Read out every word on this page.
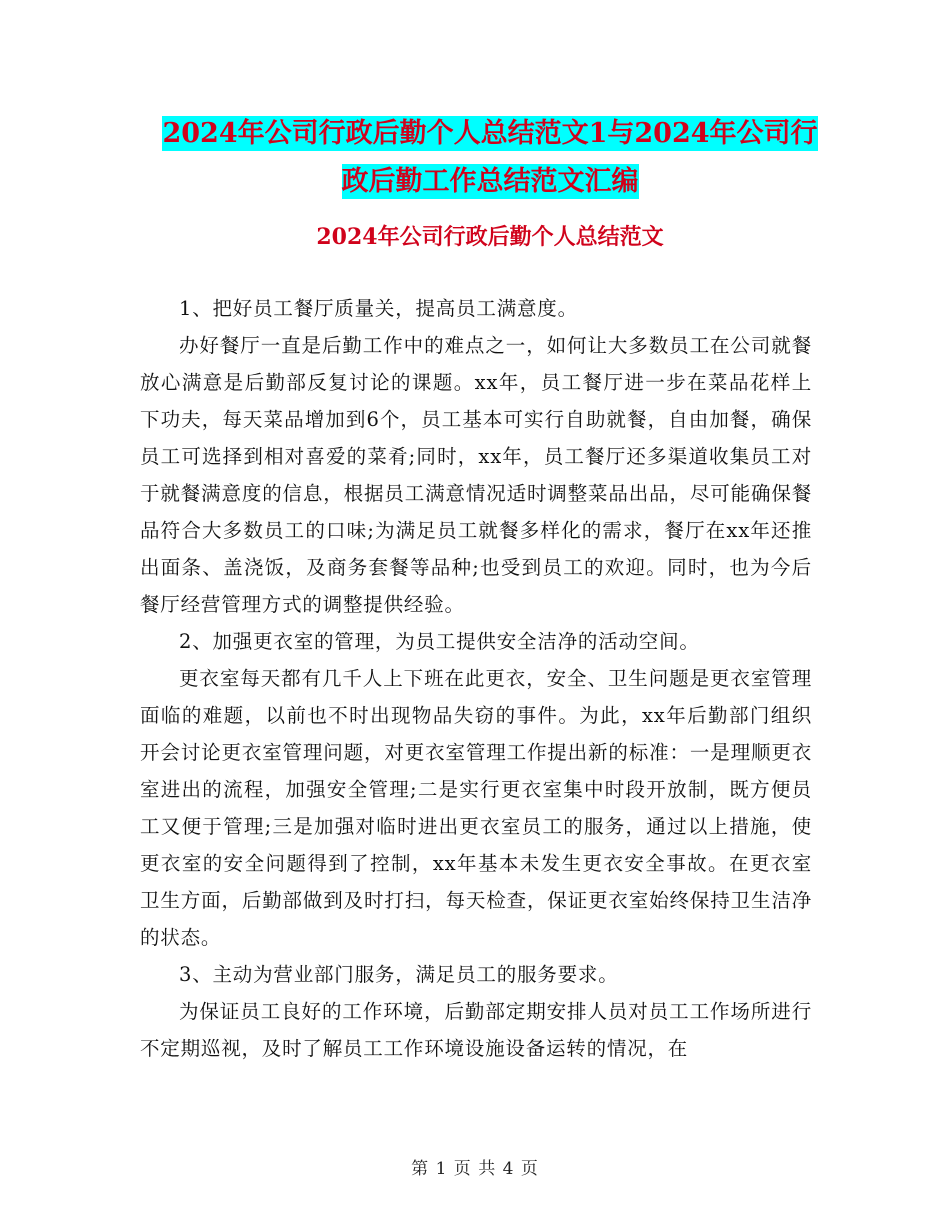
2024年公司行政后勤个人总结范文1与2024年公司行
政后勤工作总结范文汇编
2024年公司行政后勤个人总结范文

1、把好员工餐厅质量关，提高员工满意度。

办好餐厅一直是后勤工作中的难点之一，如何让大多数员工在公司就餐放心满意是后勤部反复讨论的课题。xx年，员工餐厅进一步在菜品花样上下功夫，每天菜品增加到6个，员工基本可实行自助就餐，自由加餐，确保员工可选择到相对喜爱的菜肴;同时，xx年，员工餐厅还多渠道收集员工对于就餐满意度的信息，根据员工满意情况适时调整菜品出品，尽可能确保餐品符合大多数员工的口味;为满足员工就餐多样化的需求，餐厅在xx年还推出面条、盖浇饭，及商务套餐等品种;也受到员工的欢迎。同时，也为今后餐厅经营管理方式的调整提供经验。

2、加强更衣室的管理，为员工提供安全洁净的活动空间。

更衣室每天都有几千人上下班在此更衣，安全、卫生问题是更衣室管理面临的难题，以前也不时出现物品失窃的事件。为此，xx年后勤部门组织开会讨论更衣室管理问题，对更衣室管理工作提出新的标准：一是理顺更衣室进出的流程，加强安全管理;二是实行更衣室集中时段开放制，既方便员工又便于管理;三是加强对临时进出更衣室员工的服务，通过以上措施，使更衣室的安全问题得到了控制，xx年基本未发生更衣安全事故。在更衣室卫生方面，后勤部做到及时打扫，每天检查，保证更衣室始终保持卫生洁净的状态。

3、主动为营业部门服务，满足员工的服务要求。

为保证员工良好的工作环境，后勤部定期安排人员对员工工作场所进行不定期巡视，及时了解员工工作环境设施设备运转的情况，在

第 1 页 共 4 页
